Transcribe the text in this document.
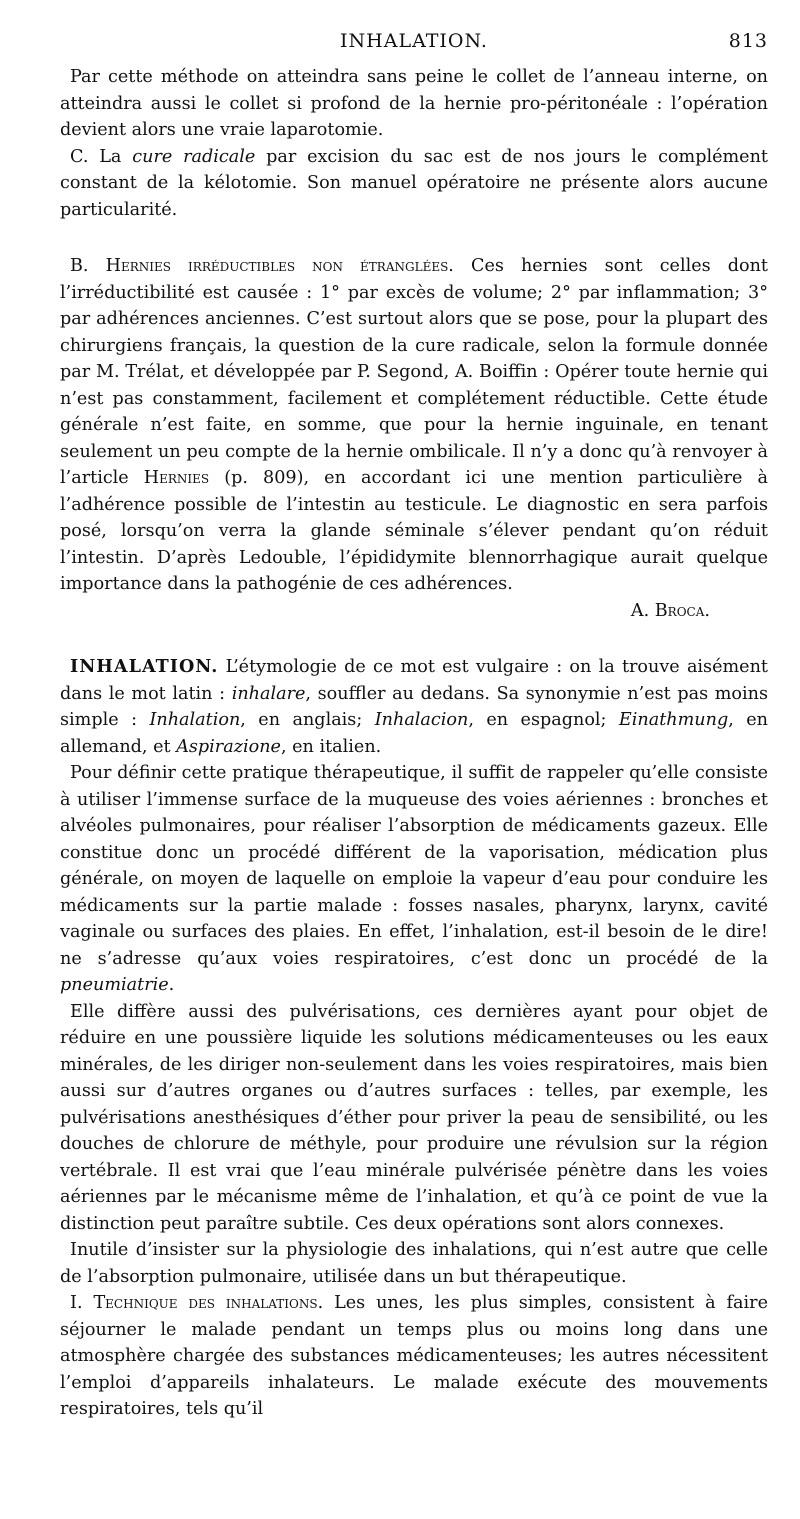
INHALATION.	813

Par cette méthode on atteindra sans peine le collet de l’anneau interne, on atteindra aussi le collet si profond de la hernie pro-péritonéale : l’opération devient alors une vraie laparotomie.

C. La cure radicale par excision du sac est de nos jours le complément constant de la kélotomie. Son manuel opératoire ne présente alors aucune particularité.

B. Hernies irréductibles non étranglées. Ces hernies sont celles dont l’irréductibilité est causée : 1° par excès de volume; 2° par inflammation; 3° par adhérences anciennes. C’est surtout alors que se pose, pour la plupart des chirurgiens français, la question de la cure radicale, selon la formule donnée par M. Trélat, et développée par P. Segond, A. Boiffin : Opérer toute hernie qui n’est pas constamment, facilement et complétement réductible. Cette étude générale n’est faite, en somme, que pour la hernie inguinale, en tenant seulement un peu compte de la hernie ombilicale. Il n’y a donc qu’à renvoyer à l’article Hernies (p. 809), en accordant ici une mention particulière à l’adhérence possible de l’intestin au testicule. Le diagnostic en sera parfois posé, lorsqu’on verra la glande séminale s’élever pendant qu’on réduit l’intestin. D’après Ledouble, l’épididymite blennorrhagique aurait quelque importance dans la pathogénie de ces adhérences.

A. Broca.

INHALATION. L’étymologie de ce mot est vulgaire : on la trouve aisément dans le mot latin : inhalare, souffler au dedans. Sa synonymie n’est pas moins simple : Inhalation, en anglais; Inhalacion, en espagnol; Einathmung, en allemand, et Aspirazione, en italien.

Pour définir cette pratique thérapeutique, il suffit de rappeler qu’elle consiste à utiliser l’immense surface de la muqueuse des voies aériennes : bronches et alvéoles pulmonaires, pour réaliser l’absorption de médicaments gazeux. Elle constitue donc un procédé différent de la vaporisation, médication plus générale, on moyen de laquelle on emploie la vapeur d’eau pour conduire les médicaments sur la partie malade : fosses nasales, pharynx, larynx, cavité vaginale ou surfaces des plaies. En effet, l’inhalation, est-il besoin de le dire! ne s’adresse qu’aux voies respiratoires, c’est donc un procédé de la pneumiatrie.

Elle diffère aussi des pulvérisations, ces dernières ayant pour objet de réduire en une poussière liquide les solutions médicamenteuses ou les eaux minérales, de les diriger non-seulement dans les voies respiratoires, mais bien aussi sur d’autres organes ou d’autres surfaces : telles, par exemple, les pulvérisations anesthésiques d’éther pour priver la peau de sensibilité, ou les douches de chlorure de méthyle, pour produire une révulsion sur la région vertébrale. Il est vrai que l’eau minérale pulvérisée pénètre dans les voies aériennes par le mécanisme même de l’inhalation, et qu’à ce point de vue la distinction peut paraître subtile. Ces deux opérations sont alors connexes.

Inutile d’insister sur la physiologie des inhalations, qui n’est autre que celle de l’absorption pulmonaire, utilisée dans un but thérapeutique.

I. Technique des inhalations. Les unes, les plus simples, consistent à faire séjourner le malade pendant un temps plus ou moins long dans une atmosphère chargée des substances médicamenteuses; les autres nécessitent l’emploi d’appareils inhalateurs. Le malade exécute des mouvements respiratoires, tels qu’il
